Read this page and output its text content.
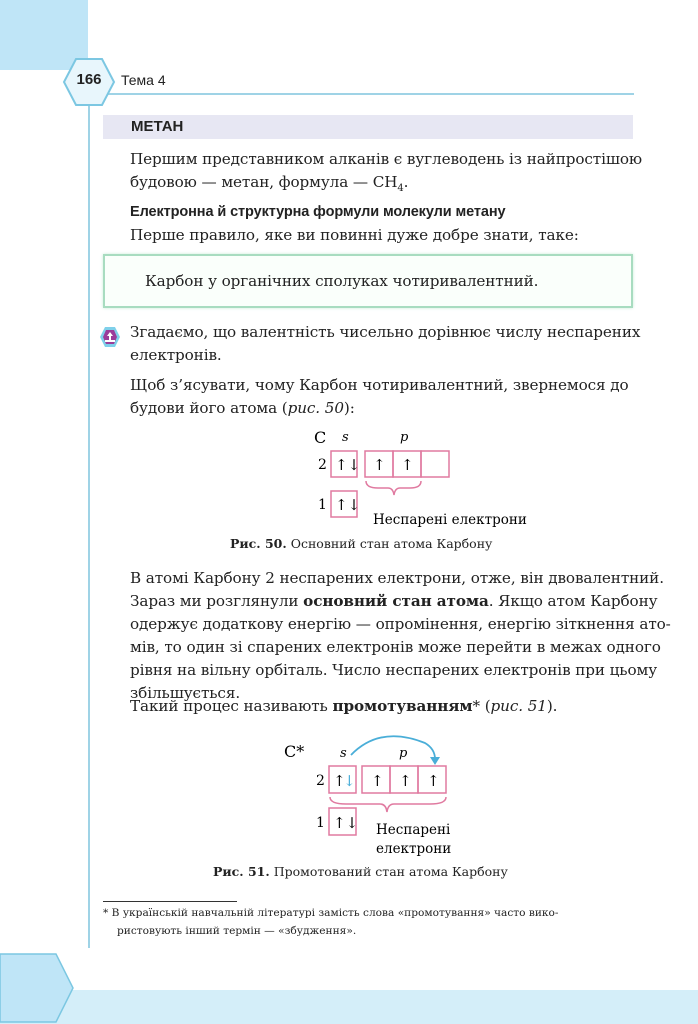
166	Тема 4
МЕТАН
Першим представником алканів є вуглеводень із найпростішою
будовою — метан, формула — $CH_4$.
Електронна й структурна формули молекули метану
Перше правило, яке ви повинні дуже добре знати, таке:
Карбон у органічних сполуках чотиривалентний.
Згадаємо, що валентність чисельно дорівнює числу неспарених
електронів.
Щоб з’ясувати, чому Карбон чотиривалентний, звернемося до
будови його атома (рис. 50):
C s	p
2
1
↑↓ ↑ ↑
↑↓
Неспарені електрони
Рис. 50. Основний стан атома Карбону
В атомі Карбону 2 неспарених електрони, отже, він двовалентний.
Зараз ми розглянули основний стан атома. Якщо атом Карбону
одержує додаткову енергію — опромінення, енергію зіткнення ато-
мів, то один зі спарених електронів може перейти в межах одного
рівня на вільну орбіталь. Число неспарених електронів при цьому
збільшується.
Такий процес називають промотуванням* (рис. 51).
C*	s	p
2
1
↑
↓ ↑ ↑ ↑
↑↓ Неспарені
електрони
Рис. 51. Промотований стан атома Карбону
* В українській навчальній літературі замість слова «промотування» часто вико-
ристовують інший термін — «збудження».
